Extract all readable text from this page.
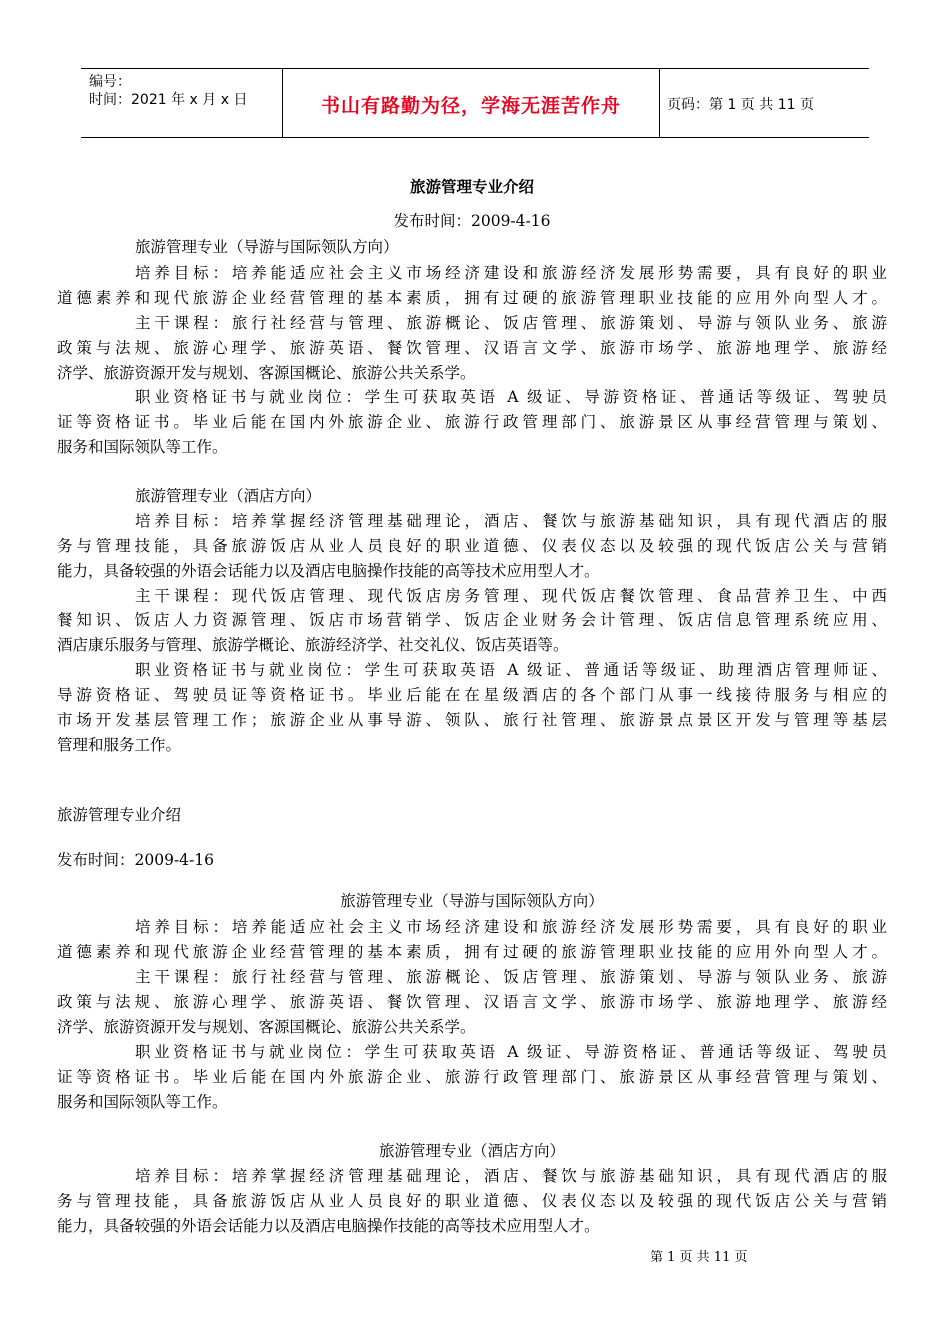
编号：
时间：2021 年 x 月 x 日	书山有路勤为径，学海无涯苦作舟	页码：第 1 页 共 11 页
旅游管理专业介绍
发布时间：2009-4-16
旅游管理专业（导游与国际领队方向）
培养目标：培养能适应社会主义市场经济建设和旅游经济发展形势需要，具有良好的职业
道德素养和现代旅游企业经营管理的基本素质，拥有过硬的旅游管理职业技能的应用外向型人才。
主干课程：旅行社经营与管理、旅游概论、饭店管理、旅游策划、导游与领队业务、旅游
政策与法规、旅游心理学、旅游英语、餐饮管理、汉语言文学、旅游市场学、旅游地理学、旅游经
济学、旅游资源开发与规划、客源国概论、旅游公共关系学。
职业资格证书与就业岗位：学生可获取英语 A 级证、导游资格证、普通话等级证、驾驶员
证等资格证书。毕业后能在国内外旅游企业、旅游行政管理部门、旅游景区从事经营管理与策划、
服务和国际领队等工作。
旅游管理专业（酒店方向）
培养目标：培养掌握经济管理基础理论，酒店、餐饮与旅游基础知识，具有现代酒店的服
务与管理技能，具备旅游饭店从业人员良好的职业道德、仪表仪态以及较强的现代饭店公关与营销
能力，具备较强的外语会话能力以及酒店电脑操作技能的高等技术应用型人才。
主干课程：现代饭店管理、现代饭店房务管理、现代饭店餐饮管理、食品营养卫生、中西
餐知识、饭店人力资源管理、饭店市场营销学、饭店企业财务会计管理、饭店信息管理系统应用、
酒店康乐服务与管理、旅游学概论、旅游经济学、社交礼仪、饭店英语等。
职业资格证书与就业岗位：学生可获取英语 A 级证、普通话等级证、助理酒店管理师证、
导游资格证、驾驶员证等资格证书。毕业后能在在星级酒店的各个部门从事一线接待服务与相应的
市场开发基层管理工作；旅游企业从事导游、领队、旅行社管理、旅游景点景区开发与管理等基层
管理和服务工作。
旅游管理专业介绍
发布时间：2009-4-16
旅游管理专业（导游与国际领队方向）
培养目标：培养能适应社会主义市场经济建设和旅游经济发展形势需要，具有良好的职业
道德素养和现代旅游企业经营管理的基本素质，拥有过硬的旅游管理职业技能的应用外向型人才。
主干课程：旅行社经营与管理、旅游概论、饭店管理、旅游策划、导游与领队业务、旅游
政策与法规、旅游心理学、旅游英语、餐饮管理、汉语言文学、旅游市场学、旅游地理学、旅游经
济学、旅游资源开发与规划、客源国概论、旅游公共关系学。
职业资格证书与就业岗位：学生可获取英语 A 级证、导游资格证、普通话等级证、驾驶员
证等资格证书。毕业后能在国内外旅游企业、旅游行政管理部门、旅游景区从事经营管理与策划、
服务和国际领队等工作。
旅游管理专业（酒店方向）
培养目标：培养掌握经济管理基础理论，酒店、餐饮与旅游基础知识，具有现代酒店的服
务与管理技能，具备旅游饭店从业人员良好的职业道德、仪表仪态以及较强的现代饭店公关与营销
能力，具备较强的外语会话能力以及酒店电脑操作技能的高等技术应用型人才。
第 1 页 共 11 页
